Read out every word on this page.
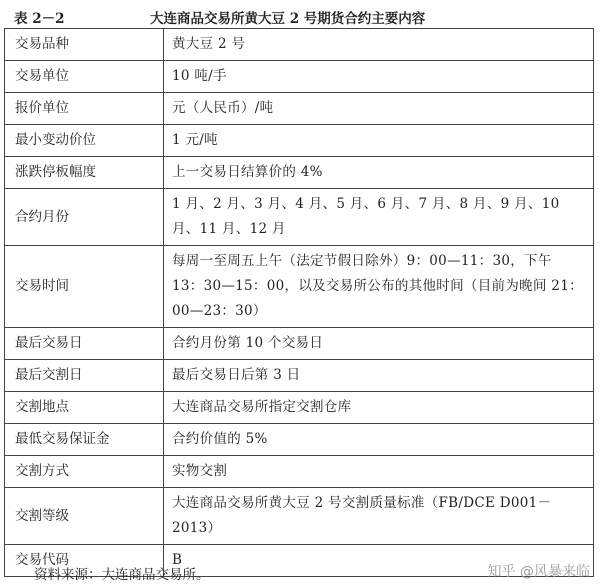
表 2－2	大连商品交易所黄大豆 2 号期货合约主要内容
交易品种	黄大豆 2 号
交易单位	10 吨/手
报价单位	元（人民币）/吨
最小变动价位	1 元/吨
涨跌停板幅度	上一交易日结算价的 4%
合约月份	1 月、2 月、3 月、4 月、5 月、6 月、7 月、8 月、9 月、10 月、11 月、12 月
交易时间	每周一至周五上午（法定节假日除外）9：00—11：30，下午 13：30—15：00，以及交易所公布的其他时间（目前为晚间 21：00—23：30）
最后交易日	合约月份第 10 个交易日
最后交割日	最后交易日后第 3 日
交割地点	大连商品交易所指定交割仓库
最低交易保证金	合约价值的 5%
交割方式	实物交割
交割等级	大连商品交易所黄大豆 2 号交割质量标准（FB/DCE D001－2013）
交易代码	B
资料来源：大连商品交易所。	知乎 @风暴来临
